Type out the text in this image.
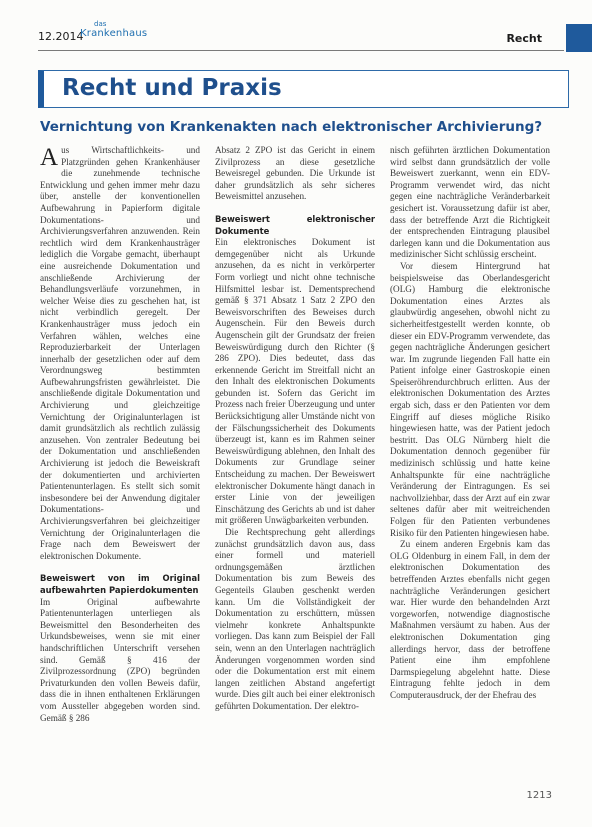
12.2014
das
Krankenhaus	Recht
Recht und Praxis
Vernichtung von Krankenakten nach elektronischer Archivierung?

Aus Wirtschaftlichkeits- und Platzgründen gehen Krankenhäuser die zunehmende technische Entwicklung und gehen immer mehr dazu über, anstelle der konventionellen Aufbewahrung in Papierform digitale Dokumentations- und Archivierungsverfahren anzuwenden. Rein rechtlich wird dem Krankenhausträger lediglich die Vorgabe gemacht, überhaupt eine ausreichende Dokumentation und anschließende Archivierung der Behandlungsverläufe vorzunehmen, in welcher Weise dies zu geschehen hat, ist nicht verbindlich geregelt. Der Krankenhausträger muss jedoch ein Verfahren wählen, welches eine Reproduzierbarkeit der Unterlagen innerhalb der gesetzlichen oder auf dem Verordnungsweg bestimmten Aufbewahrungsfristen gewährleistet. Die anschließende digitale Dokumentation und Archivierung und gleichzeitige Vernichtung der Originalunterlagen ist damit grundsätzlich als rechtlich zulässig anzusehen. Von zentraler Bedeutung bei der Dokumentation und anschließenden Archivierung ist jedoch die Beweiskraft der dokumentierten und archivierten Patientenunterlagen. Es stellt sich somit insbesondere bei der Anwendung digitaler Dokumentations- und Archivierungsverfahren bei gleichzeitiger Vernichtung der Originalunterlagen die Frage nach dem Beweiswert der elektronischen Dokumente.

Beweiswert von im Original aufbewahrten Papierdokumenten

Im Original aufbewahrte Patientenunterlagen unterliegen als Beweismittel den Besonderheiten des Urkundsbeweises, wenn sie mit einer handschriftlichen Unterschrift versehen sind. Gemäß § 416 der Zivilprozessordnung (ZPO) begründen Privaturkunden den vollen Beweis dafür, dass die in ihnen enthaltenen Erklärungen vom Aussteller abgegeben worden sind. Gemäß § 286

Absatz 2 ZPO ist das Gericht in einem Zivilprozess an diese gesetzliche Beweisregel gebunden. Die Urkunde ist daher grundsätzlich als sehr sicheres Beweismittel anzusehen.

Beweiswert elektronischer Dokumente

Ein elektronisches Dokument ist demgegenüber nicht als Urkunde anzusehen, da es nicht in verkörperter Form vorliegt und nicht ohne technische Hilfsmittel lesbar ist. Dementsprechend gemäß § 371 Absatz 1 Satz 2 ZPO den Beweisvorschriften des Beweises durch Augenschein. Für den Beweis durch Augenschein gilt der Grundsatz der freien Beweiswürdigung durch den Richter (§ 286 ZPO). Dies bedeutet, dass das erkennende Gericht im Streitfall nicht an den Inhalt des elektronischen Dokuments gebunden ist. Sofern das Gericht im Prozess nach freier Überzeugung und unter Berücksichtigung aller Umstände nicht von der Fälschungssicherheit des Dokuments überzeugt ist, kann es im Rahmen seiner Beweiswürdigung ablehnen, den Inhalt des Dokuments zur Grundlage seiner Entscheidung zu machen. Der Beweiswert elektronischer Dokumente hängt danach in erster Linie von der jeweiligen Einschätzung des Gerichts ab und ist daher mit größeren Unwägbarkeiten verbunden.

Die Rechtsprechung geht allerdings zunächst grundsätzlich davon aus, dass einer formell und materiell ordnungsgemäßen ärztlichen Dokumentation bis zum Beweis des Gegenteils Glauben geschenkt werden kann. Um die Vollständigkeit der Dokumentation zu erschüttern, müssen vielmehr konkrete Anhaltspunkte vorliegen. Das kann zum Beispiel der Fall sein, wenn an den Unterlagen nachträglich Änderungen vorgenommen worden sind oder die Dokumentation erst mit einem langen zeitlichen Abstand angefertigt wurde. Dies gilt auch bei einer elektronisch geführten Dokumentation. Der elektro-

nisch geführten ärztlichen Dokumentation wird selbst dann grundsätzlich der volle Beweiswert zuerkannt, wenn ein EDV-Programm verwendet wird, das nicht gegen eine nachträgliche Veränderbarkeit gesichert ist. Voraussetzung dafür ist aber, dass der betreffende Arzt die Richtigkeit der entsprechenden Eintragung plausibel darlegen kann und die Dokumentation aus medizinischer Sicht schlüssig erscheint.

Vor diesem Hintergrund hat beispielsweise das Oberlandesgericht (OLG) Hamburg die elektronische Dokumentation eines Arztes als glaubwürdig angesehen, obwohl nicht zu sicherheitfestgestellt werden konnte, ob dieser ein EDV-Programm verwendete, das gegen nachträgliche Änderungen gesichert war. Im zugrunde liegenden Fall hatte ein Patient infolge einer Gastroskopie einen Speiseröhrendurchbruch erlitten. Aus der elektronischen Dokumentation des Arztes ergab sich, dass er den Patienten vor dem Eingriff auf dieses mögliche Risiko hingewiesen hatte, was der Patient jedoch bestritt. Das OLG Nürnberg hielt die Dokumentation dennoch gegenüber für medizinisch schlüssig und hatte keine Anhaltspunkte für eine nachträgliche Veränderung der Eintragungen. Es sei nachvollziehbar, dass der Arzt auf ein zwar seltenes dafür aber mit weitreichenden Folgen für den Patienten verbundenes Risiko für den Patienten hingewiesen habe.

Zu einem anderen Ergebnis kam das OLG Oldenburg in einem Fall, in dem der elektronischen Dokumentation des betreffenden Arztes ebenfalls nicht gegen nachträgliche Veränderungen gesichert war. Hier wurde den behandelnden Arzt vorgeworfen, notwendige diagnostische Maßnahmen versäumt zu haben. Aus der elektronischen Dokumentation ging allerdings hervor, dass der betroffene Patient eine ihm empfohlene Darmspiegelung abgelehnt hatte. Diese Eintragung fehlte jedoch in dem Computerausdruck, der der Ehefrau des

1213
